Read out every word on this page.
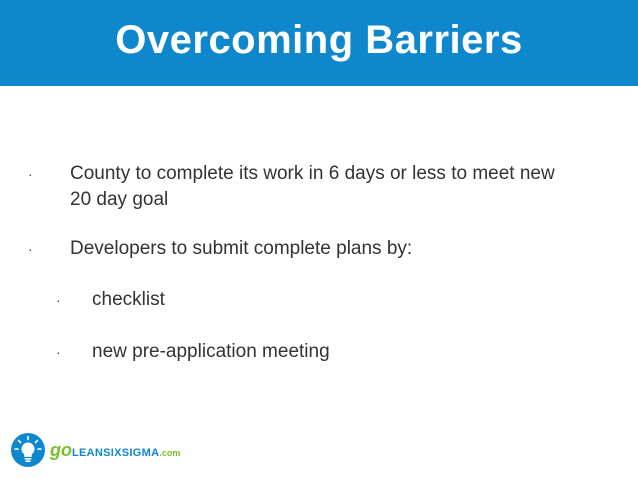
Overcoming Barriers
· County to complete its work in 6 days or less to meet new 20 day goal
· Developers to submit complete plans by:
· checklist
· new pre-application meeting
go LEANSIXSIGMA .com
